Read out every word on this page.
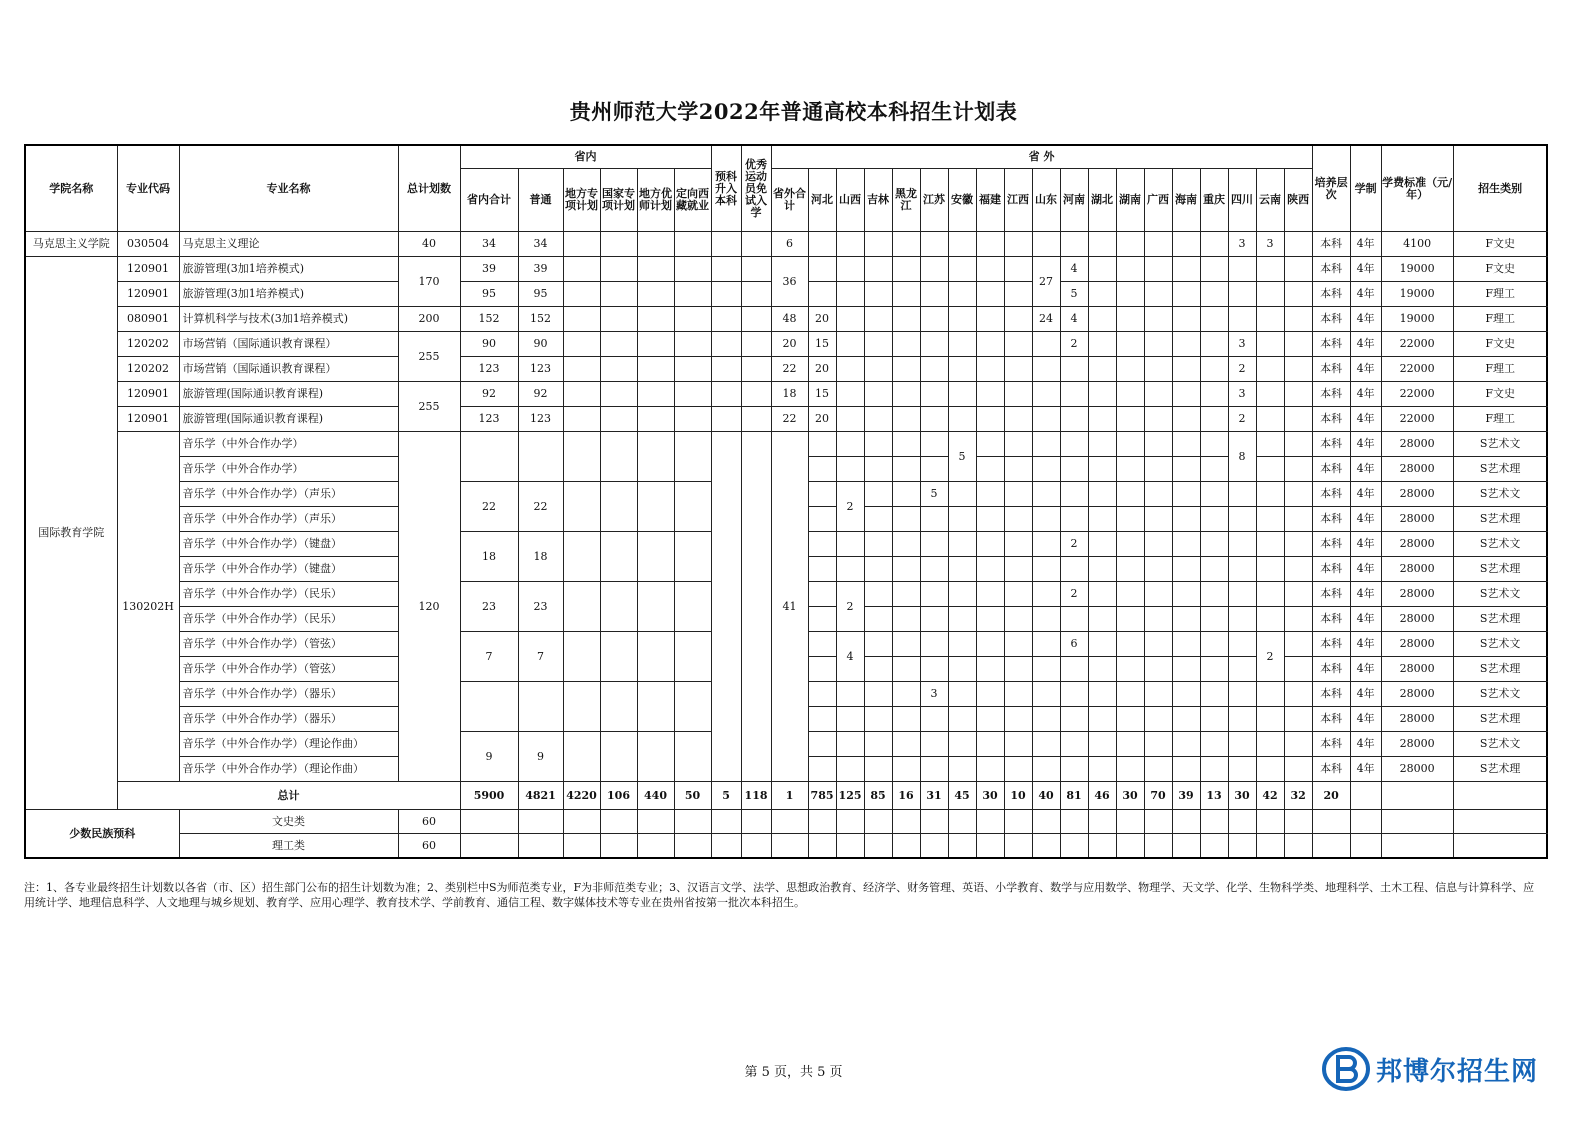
贵州师范大学2022年普通高校本科招生计划表
学院名称	专业代码	专业名称	总计划数	省内						预科升入本科	优秀运动员免试入学	省 外																			培养层次	学制	学费标准（元/年）	招生类别	
				省内合计	普通	地方专项计划	国家专项计划	地方优师计划	定向西藏就业			省外合计	河北	山西	吉林	黑龙江	江苏	安徽	福建	江西	山东	河南	湖北	湖南	广西	海南	重庆	四川	云南	陕西					
马克思主义学院	030504	马克思主义理论	40	34	34							6																3	3		本科	4年	4100	F文史	
国际教育学院	120901	旅游管理(3加1培养模式)	170	39	39							36									27	4									本科	4年	19000	F文史	
	120901	旅游管理(3加1培养模式)		95	95																	5									本科	4年	19000	F理工	
	080901	计算机科学与技术(3加1培养模式)	200	152	152							48	20								24	4									本科	4年	19000	F理工	
	120202	市场营销（国际通识教育课程）	255	90	90							20	15									2						3			本科	4年	22000	F文史	
	120202	市场营销（国际通识教育课程）		123	123							22	20															2			本科	4年	22000	F理工	
	120901	旅游管理(国际通识教育课程)	255	92	92							18	15															3			本科	4年	22000	F文史	
	120901	旅游管理(国际通识教育课程)		123	123							22	20															2			本科	4年	22000	F理工	
	130202H	音乐学（中外合作办学）	120									41						5										8			本科	4年	28000	S艺术文	
		音乐学（中外合作办学）																													本科	4年	28000	S艺术理	
		音乐学（中外合作办学）（声乐）		22	22									2			5														本科	4年	28000	S艺术文	
		音乐学（中外合作办学）（声乐）																													本科	4年	28000	S艺术理	
		音乐学（中外合作办学）（键盘）		18	18																	2									本科	4年	28000	S艺术文	
		音乐学（中外合作办学）（键盘）																													本科	4年	28000	S艺术理	
		音乐学（中外合作办学）（民乐）		23	23									2								2									本科	4年	28000	S艺术文	
		音乐学（中外合作办学）（民乐）																													本科	4年	28000	S艺术理	
		音乐学（中外合作办学）（管弦）		7	7									4								6							2		本科	4年	28000	S艺术文	
		音乐学（中外合作办学）（管弦）																													本科	4年	28000	S艺术理	
		音乐学（中外合作办学）（器乐）															3														本科	4年	28000	S艺术文	
		音乐学（中外合作办学）（器乐）																													本科	4年	28000	S艺术理	
		音乐学（中外合作办学）（理论作曲）		9	9																										本科	4年	28000	S艺术文	
		音乐学（中外合作办学）（理论作曲）																													本科	4年	28000	S艺术理	
	总计			5900	4821	4220	106	440	50	5	118	1	785	125	85	16	31	45	30	10	40	81	46	30	70	39	13	30	42	32	20				
少数民族预科		文史类	60																																
		理工类	60																																
注：1、各专业最终招生计划数以各省（市、区）招生部门公布的招生计划数为准；2、类别栏中S为师范类专业，F为非师范类专业；3、汉语言文学、法学、思想政治教育、经济学、财务管理、英语、小学教育、数学与应用数学、物理学、天文学、化学、生物科学类、地理科学、土木工程、信息与计算科学、应用统计学、地理信息科学、人文地理与城乡规划、教育学、应用心理学、教育技术学、学前教育、通信工程、数字媒体技术等专业在贵州省按第一批次本科招生。
第 5 页，共 5 页	邦博尔招生网
